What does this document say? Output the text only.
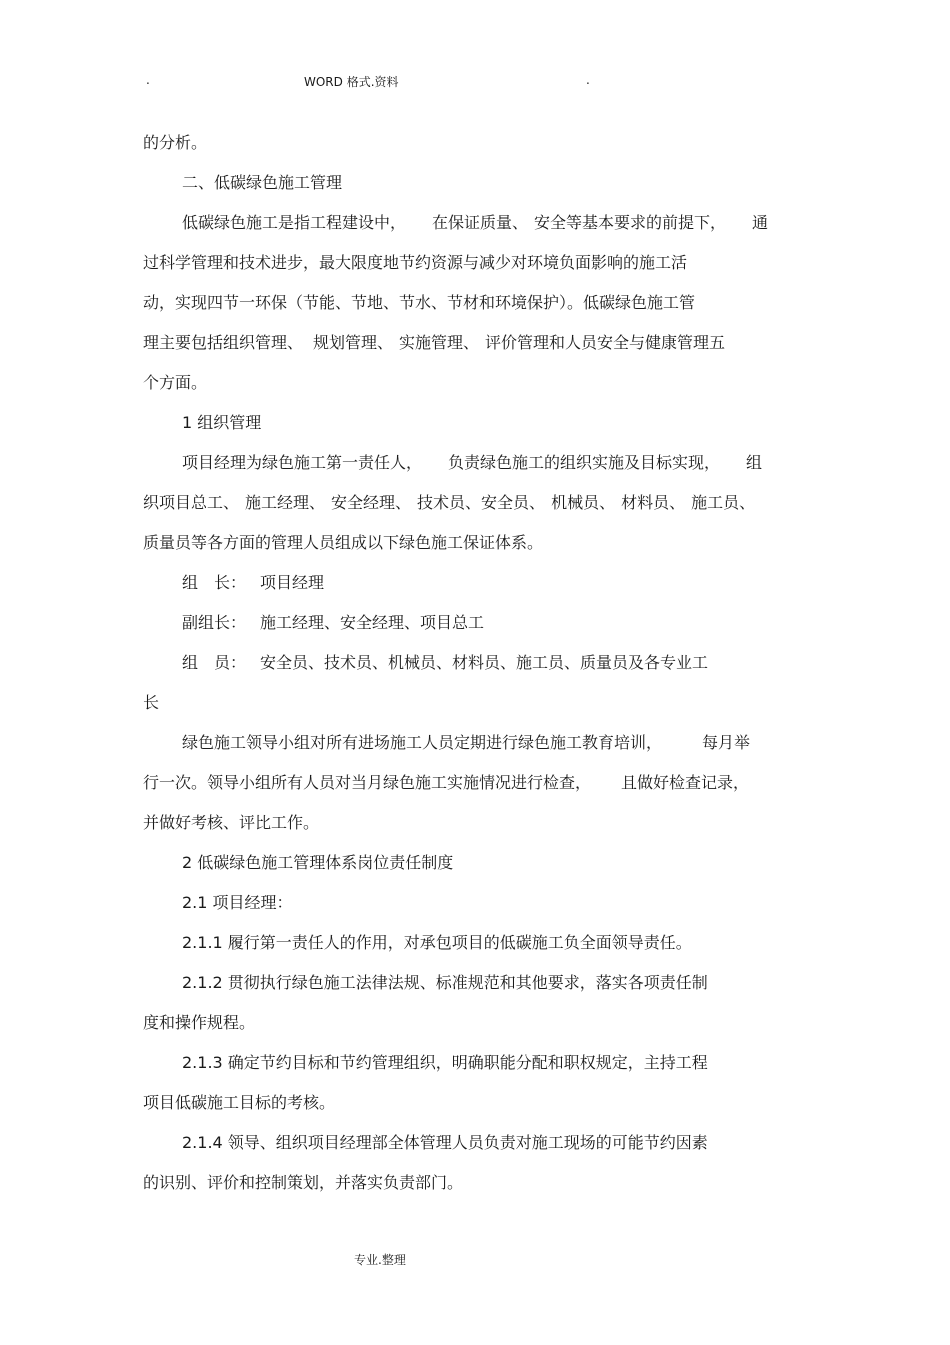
.	WORD 格式.资料	.
的分析。
二、低碳绿色施工管理
低碳绿色施工是指工程建设中， 在保证质量、 安全等基本要求的前提下， 通
过科学管理和技术进步，最大限度地节约资源与减少对环境负面影响的施工活
动，实现四节一环保（节能、节地、节水、节材和环境保护）。低碳绿色施工管
理主要包括组织管理、 规划管理、 实施管理、 评价管理和人员安全与健康管理五
个方面。
1 组织管理
项目经理为绿色施工第一责任人， 负责绿色施工的组织实施及目标实现， 组
织项目总工、 施工经理、 安全经理、 技术员、安全员、 机械员、 材料员、 施工员、
质量员等各方面的管理人员组成以下绿色施工保证体系。
组　长： 项目经理
副组长： 施工经理、安全经理、项目总工
组　员： 安全员、技术员、机械员、材料员、施工员、质量员及各专业工
长
绿色施工领导小组对所有进场施工人员定期进行绿色施工教育培训，	每月举
行一次。领导小组所有人员对当月绿色施工实施情况进行检查， 且做好检查记录，
并做好考核、评比工作。
2 低碳绿色施工管理体系岗位责任制度
2.1 项目经理：
2.1.1 履行第一责任人的作用，对承包项目的低碳施工负全面领导责任。
2.1.2 贯彻执行绿色施工法律法规、标准规范和其他要求，落实各项责任制
度和操作规程。
2.1.3 确定节约目标和节约管理组织，明确职能分配和职权规定，主持工程
项目低碳施工目标的考核。
2.1.4 领导、组织项目经理部全体管理人员负责对施工现场的可能节约因素
的识别、评价和控制策划，并落实负责部门。
专业.整理
